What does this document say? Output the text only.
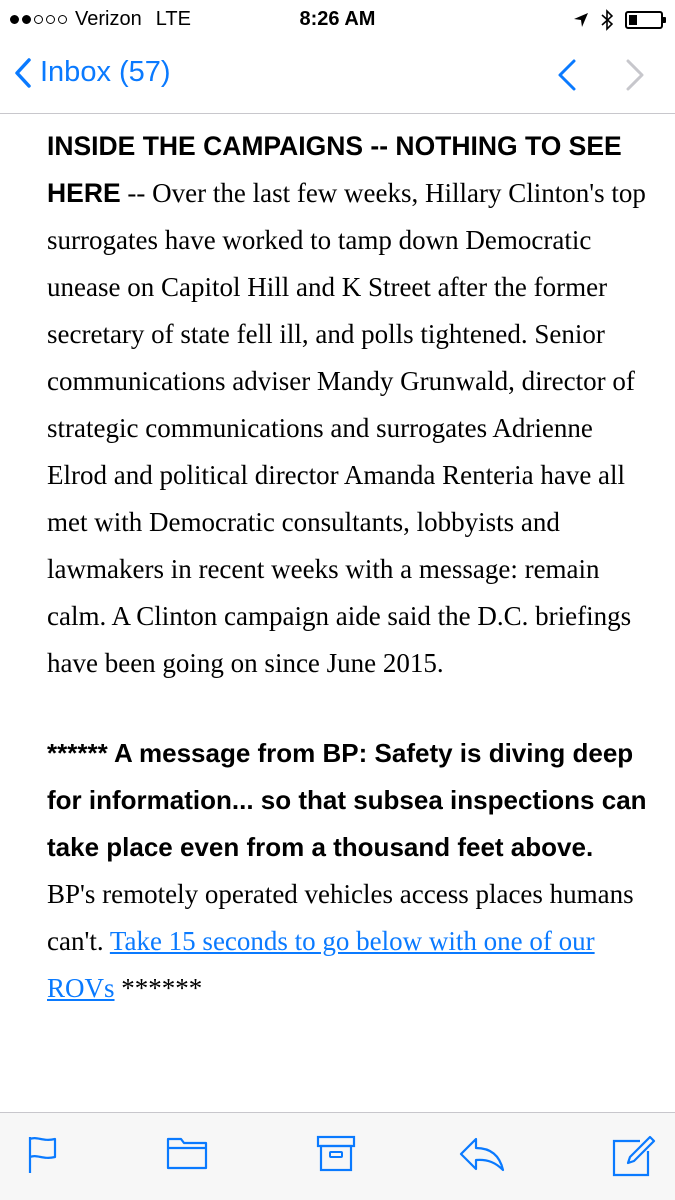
Verizon LTE	8:26 AM
Inbox (57)

INSIDE THE CAMPAIGNS -- NOTHING TO SEE HERE -- Over the last few weeks, Hillary Clinton's top surrogates have worked to tamp down Democratic unease on Capitol Hill and K Street after the former secretary of state fell ill, and polls tightened. Senior communications adviser Mandy Grunwald, director of strategic communications and surrogates Adrienne Elrod and political director Amanda Renteria have all met with Democratic consultants, lobbyists and lawmakers in recent weeks with a message: remain calm. A Clinton campaign aide said the D.C. briefings have been going on since June 2015.

****** A message from BP: Safety is diving deep for information... so that subsea inspections can take place even from a thousand feet above.
BP's remotely operated vehicles access places humans can't. Take 15 seconds to go below with one of our ROVs ******
